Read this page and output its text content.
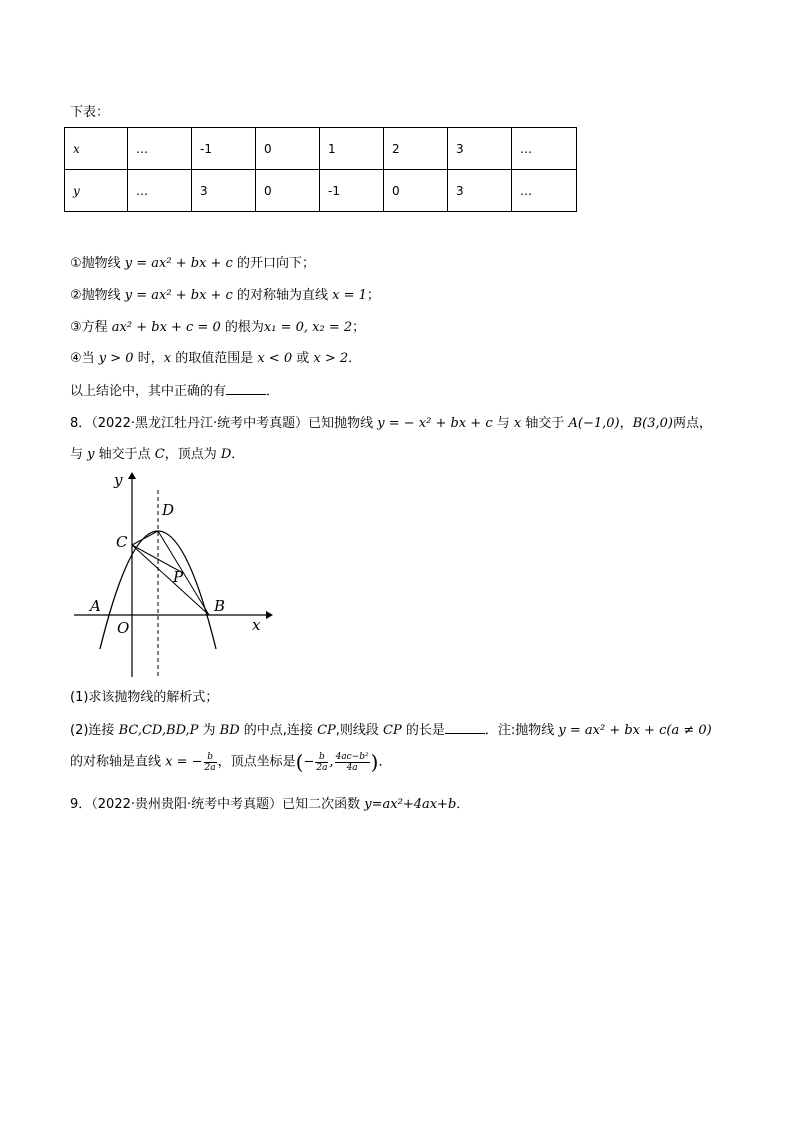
下表：
x	…	-1	0	1	2	3	…
y	…	3	0	-1	0	3	…
①抛物线 y = ax² + bx + c 的开口向下；
②抛物线 y = ax² + bx + c 的对称轴为直线 x = 1；
③方程 ax² + bx + c = 0 的根为x₁ = 0, x₂ = 2；
④当 y > 0 时，x 的取值范围是 x < 0 或 x > 2．
以上结论中，其中正确的有	．
8．（2022·黑龙江牡丹江·统考中考真题）已知抛物线 y = − x² + bx + c 与 x 轴交于 A(−1,0)，B(3,0)两点，
与 y 轴交于点 C，顶点为 D．
y
x
O
A	B
C
D
P
(1)求该抛物线的解析式；
(2)连接 BC,CD,BD,P 为 BD 的中点,连接 CP,则线段 CP 的长是	．注:抛物线 y = ax² + bx + c(a ≠ 0)
的对称轴是直线 x = − $\frac{b}{2a}$ ，顶点坐标是(− $\frac{b}{2a}$ , $\frac{\text{4ac−b²}}{4a}$ )．
9．（2022·贵州贵阳·统考中考真题）已知二次函数 y=ax²+4ax+b．
